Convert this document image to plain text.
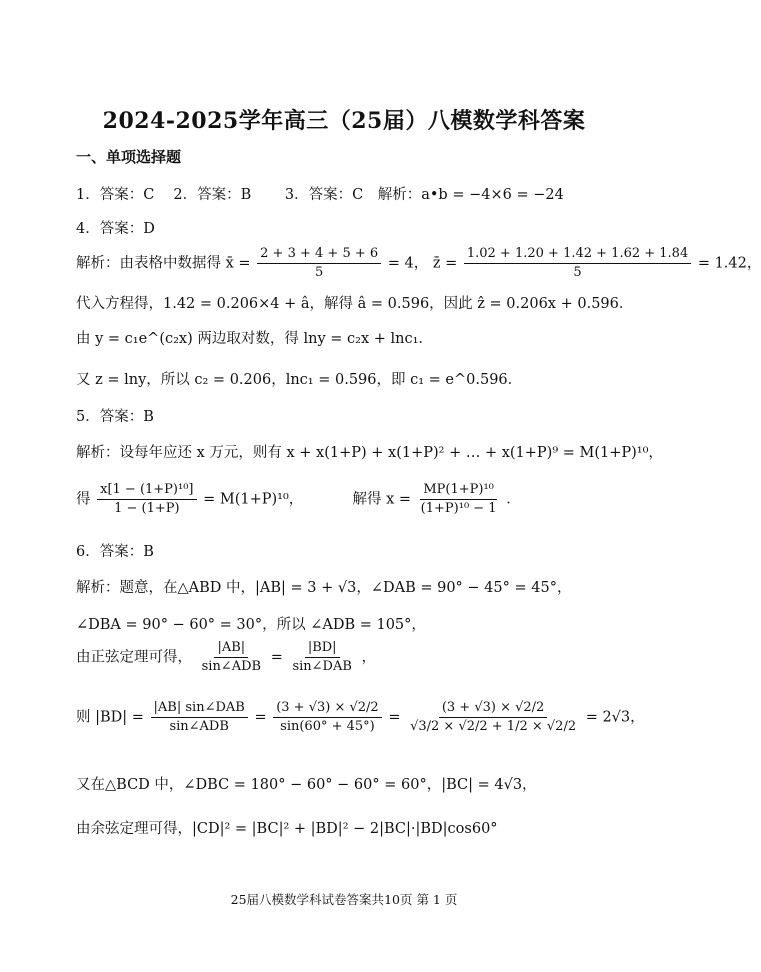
2024-2025学年高三（25届）八模数学科答案
一、单项选择题
1．答案：C　 2．答案：B　 　3．答案：C　解析：a•b = −4×6 = −24
4．答案：D
解析：由表格中数据得 x̄ = $\frac{2 + 3 + 4 + 5 + 6}{5} = 4$， z̄ = $\frac{1.02 + 1.20 + 1.42 + 1.62 + 1.84}{5} = 1.42$，
代入方程得，1.42 = 0.206×4 + â，解得 â = 0.596，因此 ẑ = 0.206x + 0.596．
由 y = c₁e^(c₂x) 两边取对数，得 lny = c₂x + lnc₁．
又 z = lny，所以 c₂ = 0.206，lnc₁ = 0.596，即 c₁ = e^0.596．
5．答案：B
解析：设每年应还 x 万元，则有 x + x(1+P) + x(1+P)² + … + x(1+P)⁹ = M(1+P)¹⁰，
得 $\frac{\text{x[1 − (1+P)¹⁰]}}{1 - (1+P)} = M(1+P)^{10}$，	解得 $x = \frac{\text{MP(1+P)¹⁰}}{\text{(1+P)¹⁰ − 1}}$ ．
6．答案：B
解析：题意，在△ABD 中，|AB| = 3 + √3，∠DAB = 90° − 45° = 45°，
∠DBA = 90° − 60° = 30°，所以 ∠ADB = 105°，
由正弦定理可得， $\frac{|AB|}{\text{sin∠ADB}} = \frac{|BD|}{\text{sin∠DAB}}$ ，
则 $|BD| = \frac{\text{|AB| sin∠DAB}}{\text{sin∠ADB}} = \frac{(3 + √3) \times √2/2}{\sin(60^\circ + 45^\circ)} = \frac{(3 + √3) \times √2/2}{√3/2 \times √2/2 + 1/2 \times √2/2} = 2√3$，
又在△BCD 中，∠DBC = 180° − 60° − 60° = 60°，|BC| = 4√3，
由余弦定理可得，|CD|² = |BC|² + |BD|² − 2|BC|·|BD|cos60°
25届八模数学科试卷答案共10页 第 1 页
